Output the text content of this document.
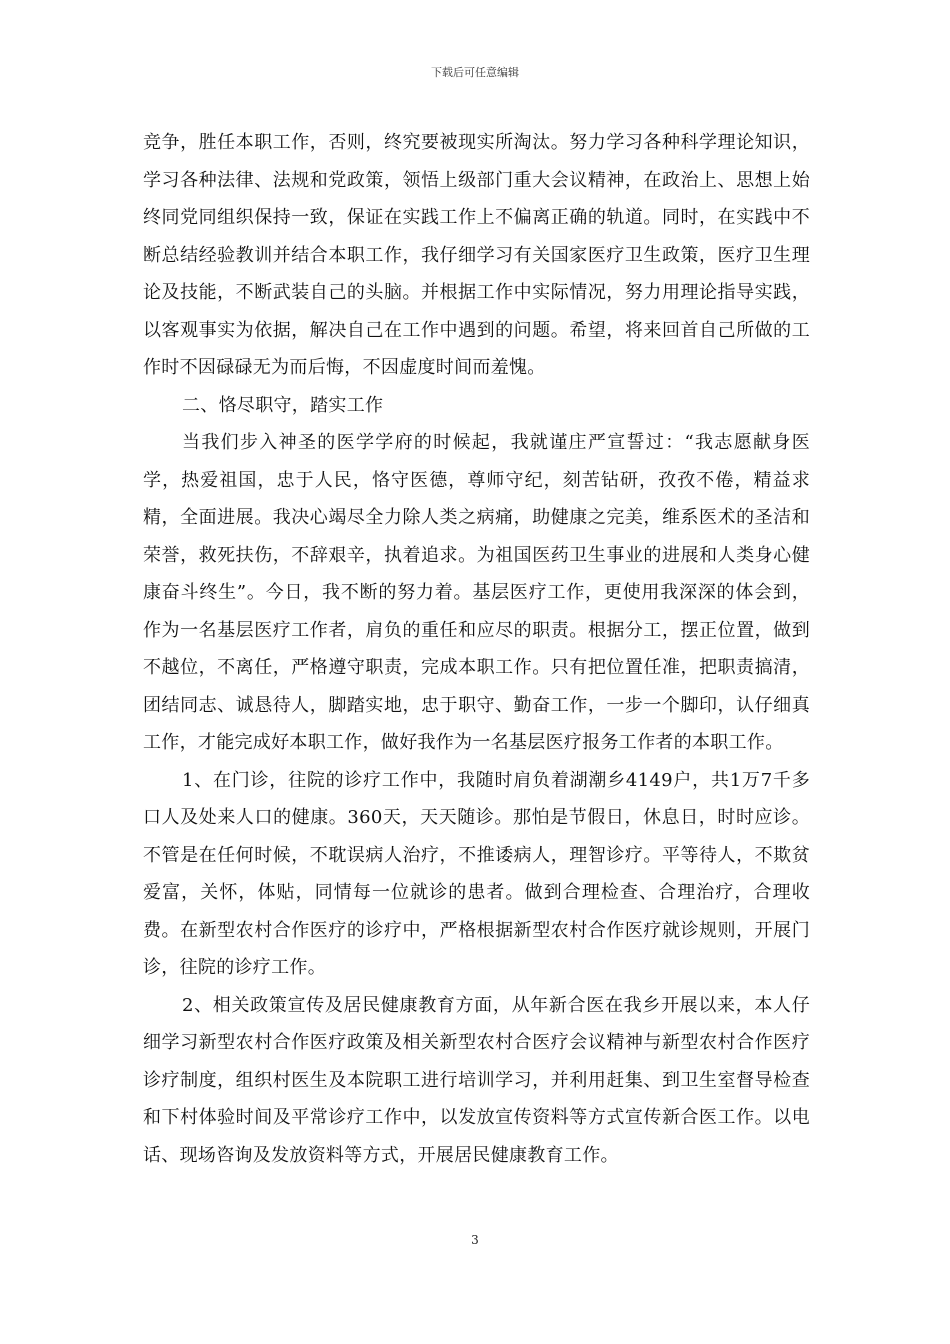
下载后可任意编辑

竞争，胜任本职工作，否则，终究要被现实所淘汰。努力学习各种科学理论知识，学习各种法律、法规和党政策，领悟上级部门重大会议精神，在政治上、思想上始终同党同组织保持一致，保证在实践工作上不偏离正确的轨道。同时，在实践中不断总结经验教训并结合本职工作，我仔细学习有关国家医疗卫生政策，医疗卫生理论及技能，不断武装自己的头脑。并根据工作中实际情况，努力用理论指导实践，以客观事实为依据，解决自己在工作中遇到的问题。希望，将来回首自己所做的工作时不因碌碌无为而后悔，不因虚度时间而羞愧。

二、恪尽职守，踏实工作

当我们步入神圣的医学学府的时候起，我就谨庄严宣誓过：“我志愿献身医学，热爱祖国，忠于人民，恪守医德，尊师守纪，刻苦钻研，孜孜不倦，精益求精，全面进展。我决心竭尽全力除人类之病痛，助健康之完美，维系医术的圣洁和荣誉，救死扶伤，不辞艰辛，执着追求。为祖国医药卫生事业的进展和人类身心健康奋斗终生”。今日，我不断的努力着。基层医疗工作，更使用我深深的体会到，作为一名基层医疗工作者，肩负的重任和应尽的职责。根据分工，摆正位置，做到不越位，不离任，严格遵守职责，完成本职工作。只有把位置任准，把职责搞清，团结同志、诚恳待人，脚踏实地，忠于职守、勤奋工作，一步一个脚印，认仔细真工作，才能完成好本职工作，做好我作为一名基层医疗报务工作者的本职工作。

1、在门诊，往院的诊疗工作中，我随时肩负着湖潮乡4149户，共1万7千多口人及处来人口的健康。360天，天天随诊。那怕是节假日，休息日，时时应诊。不管是在任何时候，不耽误病人治疗，不推诿病人，理智诊疗。平等待人，不欺贫爱富，关怀，体贴，同情每一位就诊的患者。做到合理检查、合理治疗，合理收费。在新型农村合作医疗的诊疗中，严格根据新型农村合作医疗就诊规则，开展门诊，往院的诊疗工作。

2、相关政策宣传及居民健康教育方面，从年新合医在我乡开展以来，本人仔细学习新型农村合作医疗政策及相关新型农村合医疗会议精神与新型农村合作医疗诊疗制度，组织村医生及本院职工进行培训学习，并利用赶集、到卫生室督导检查和下村体验时间及平常诊疗工作中，以发放宣传资料等方式宣传新合医工作。以电话、现场咨询及发放资料等方式，开展居民健康教育工作。

3
